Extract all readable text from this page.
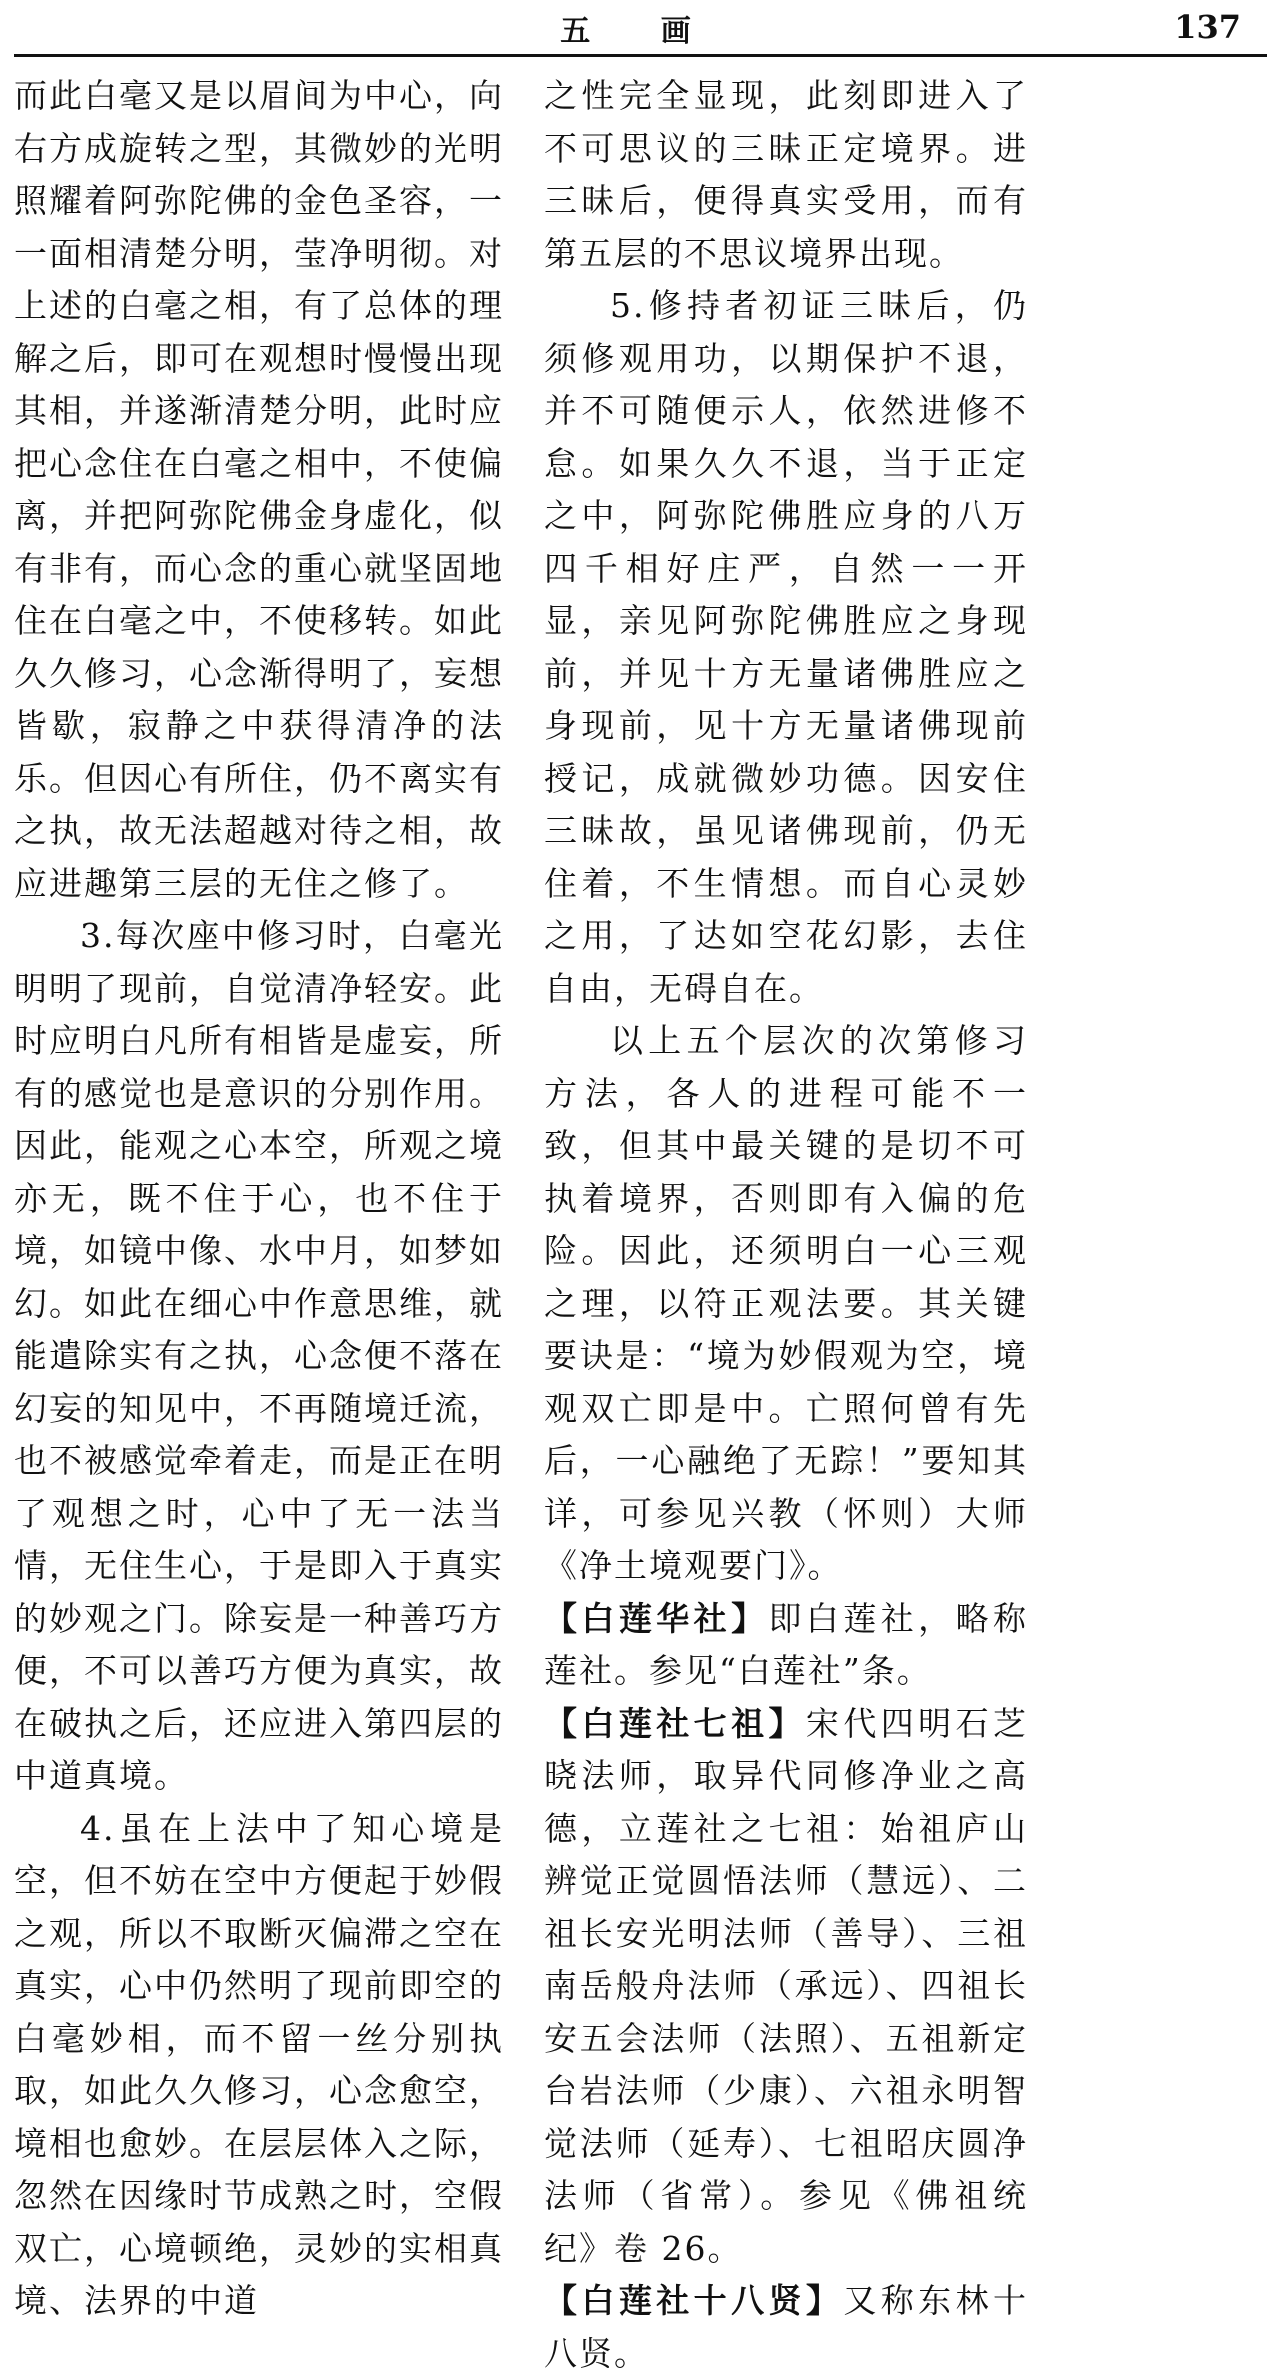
五 画	137

而此白毫又是以眉间为中心，向右方成旋转之型，其微妙的光明照耀着阿弥陀佛的金色圣容，一一面相清楚分明，莹净明彻。对上述的白毫之相，有了总体的理解之后，即可在观想时慢慢出现其相，并遂渐清楚分明，此时应把心念住在白毫之相中，不使偏离，并把阿弥陀佛金身虚化，似有非有，而心念的重心就坚固地住在白毫之中，不使移转。如此久久修习，心念渐得明了，妄想皆歇，寂静之中获得清净的法乐。但因心有所住，仍不离实有之执，故无法超越对待之相，故应进趣第三层的无住之修了。

3.每次座中修习时，白毫光明明了现前，自觉清净轻安。此时应明白凡所有相皆是虚妄，所有的感觉也是意识的分别作用。因此，能观之心本空，所观之境亦无，既不住于心，也不住于境，如镜中像、水中月，如梦如幻。如此在细心中作意思维，就能遣除实有之执，心念便不落在幻妄的知见中，不再随境迁流，也不被感觉牵着走，而是正在明了观想之时，心中了无一法当情，无住生心，于是即入于真实的妙观之门。除妄是一种善巧方便，不可以善巧方便为真实，故在破执之后，还应进入第四层的中道真境。

4.虽在上法中了知心境是空，但不妨在空中方便起于妙假之观，所以不取断灭偏滞之空在真实，心中仍然明了现前即空的白毫妙相，而不留一丝分别执取，如此久久修习，心念愈空，境相也愈妙。在层层体入之际，忽然在因缘时节成熟之时，空假双亡，心境顿绝，灵妙的实相真境、法界的中道

之性完全显现，此刻即进入了不可思议的三昧正定境界。进三昧后，便得真实受用，而有第五层的不思议境界出现。

5.修持者初证三昧后，仍须修观用功，以期保护不退，并不可随便示人，依然进修不怠。如果久久不退，当于正定之中，阿弥陀佛胜应身的八万四千相好庄严，自然一一开显，亲见阿弥陀佛胜应之身现前，并见十方无量诸佛胜应之身现前，见十方无量诸佛现前授记，成就微妙功德。因安住三昧故，虽见诸佛现前，仍无住着，不生情想。而自心灵妙之用，了达如空花幻影，去住自由，无碍自在。

以上五个层次的次第修习方法，各人的进程可能不一致，但其中最关键的是切不可执着境界，否则即有入偏的危险。因此，还须明白一心三观之理，以符正观法要。其关键要诀是：“境为妙假观为空，境观双亡即是中。亡照何曾有先后，一心融绝了无踪！”要知其详，可参见兴教（怀则）大师《净土境观要门》。

【白莲华社】即白莲社，略称莲社。参见“白莲社”条。

【白莲社七祖】宋代四明石芝晓法师，取异代同修净业之高德，立莲社之七祖：始祖庐山辨觉正觉圆悟法师（慧远）、二祖长安光明法师（善导）、三祖南岳般舟法师（承远）、四祖长安五会法师（法照）、五祖新定台岩法师（少康）、六祖永明智觉法师（延寿）、七祖昭庆圆净法师（省常）。参见《佛祖统纪》卷 26。

【白莲社十八贤】又称东林十八贤。
